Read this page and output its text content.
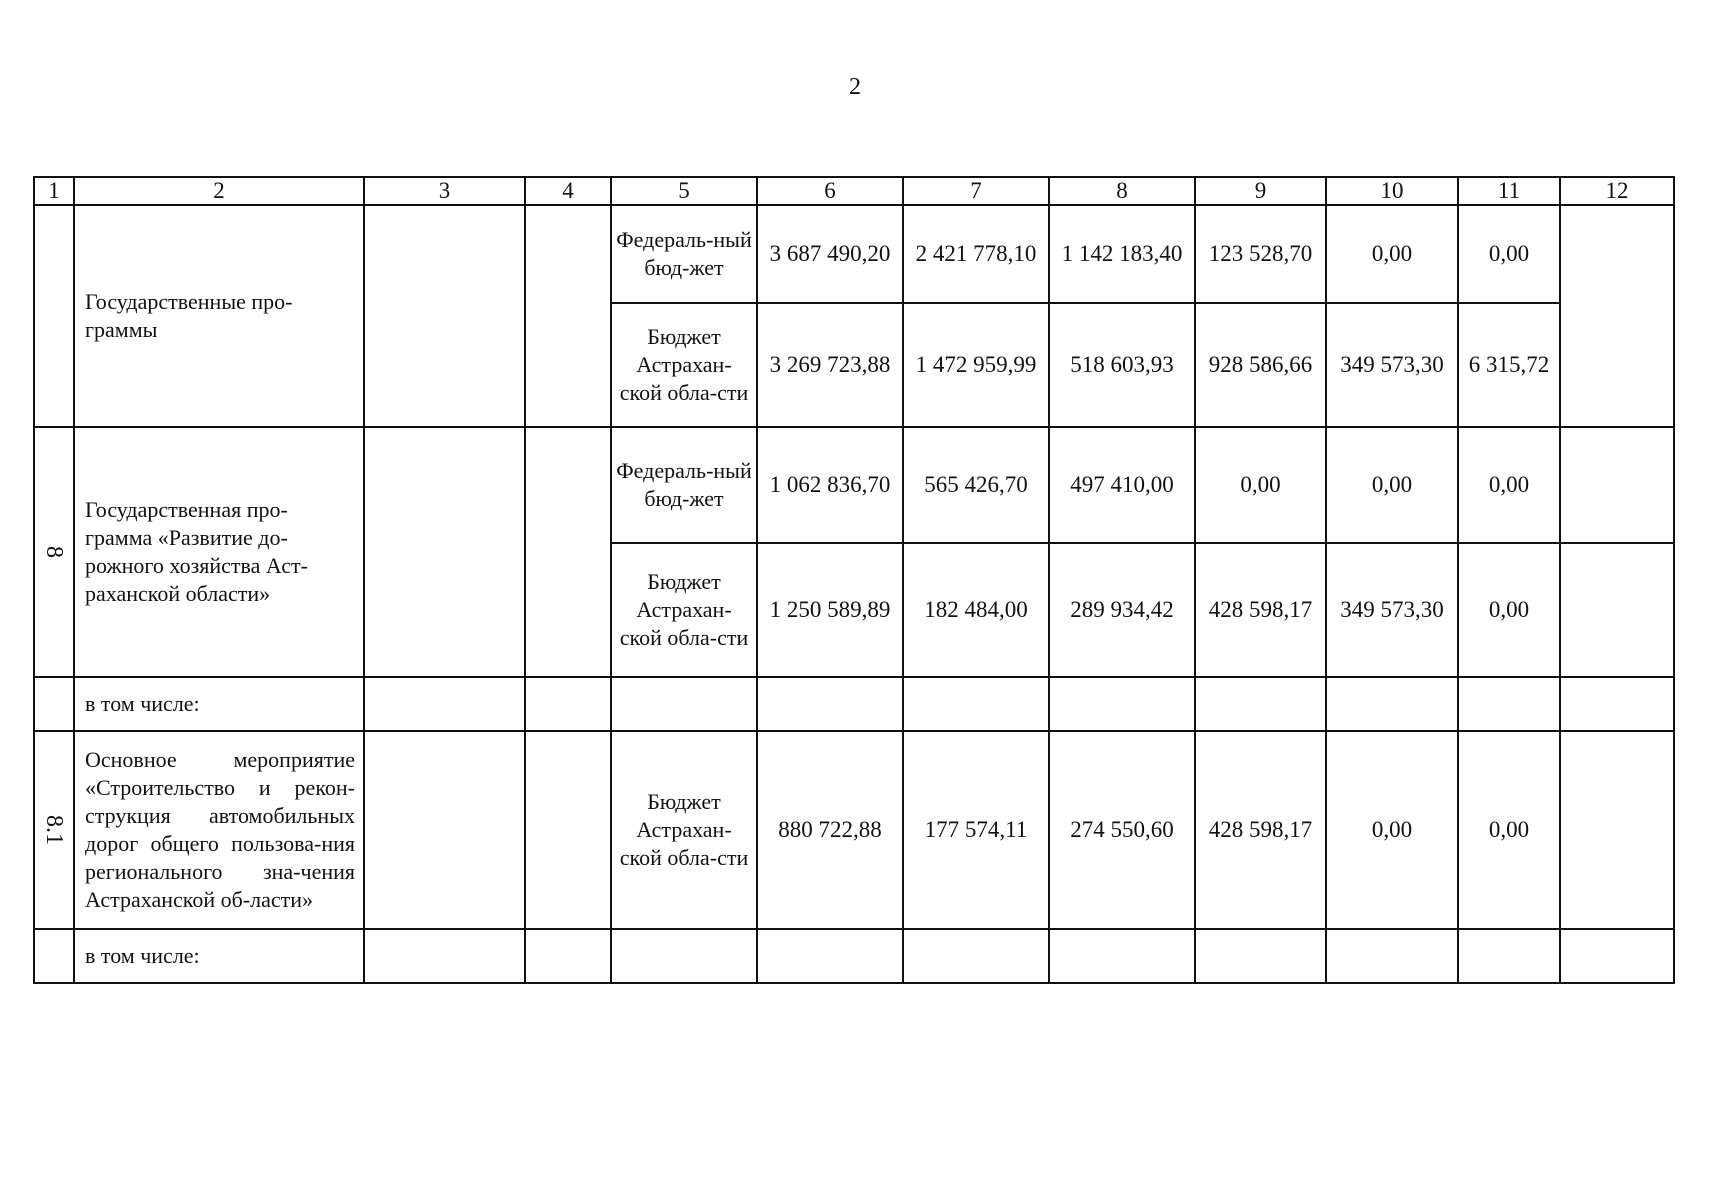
2
1	2	3	4	5	6	7	8	9	10	11	12
	Государственные про-граммы			Федераль-ный бюд-жет	3 687 490,20	2 421 778,10	1 142 183,40	123 528,70	0,00	0,00	
				Бюджет Астрахан-ской обла-сти	3 269 723,88	1 472 959,99	518 603,93	928 586,66	349 573,30	6 315,72	
8	Государственная про-грамма «Развитие до-рожного хозяйства Аст-раханской области»			Федераль-ный бюд-жет	1 062 836,70	565 426,70	497 410,00	0,00	0,00	0,00	
				Бюджет Астрахан-ской обла-сти	1 250 589,89	182 484,00	289 934,42	428 598,17	349 573,30	0,00	
	в том числе:										
8.1	Основное мероприятие «Строительство и рекон-струкция автомобильных дорог общего пользова-ния регионального зна-чения Астраханской об-ласти»			Бюджет Астрахан-ской обла-сти	880 722,88	177 574,11	274 550,60	428 598,17	0,00	0,00	
	в том числе:										
